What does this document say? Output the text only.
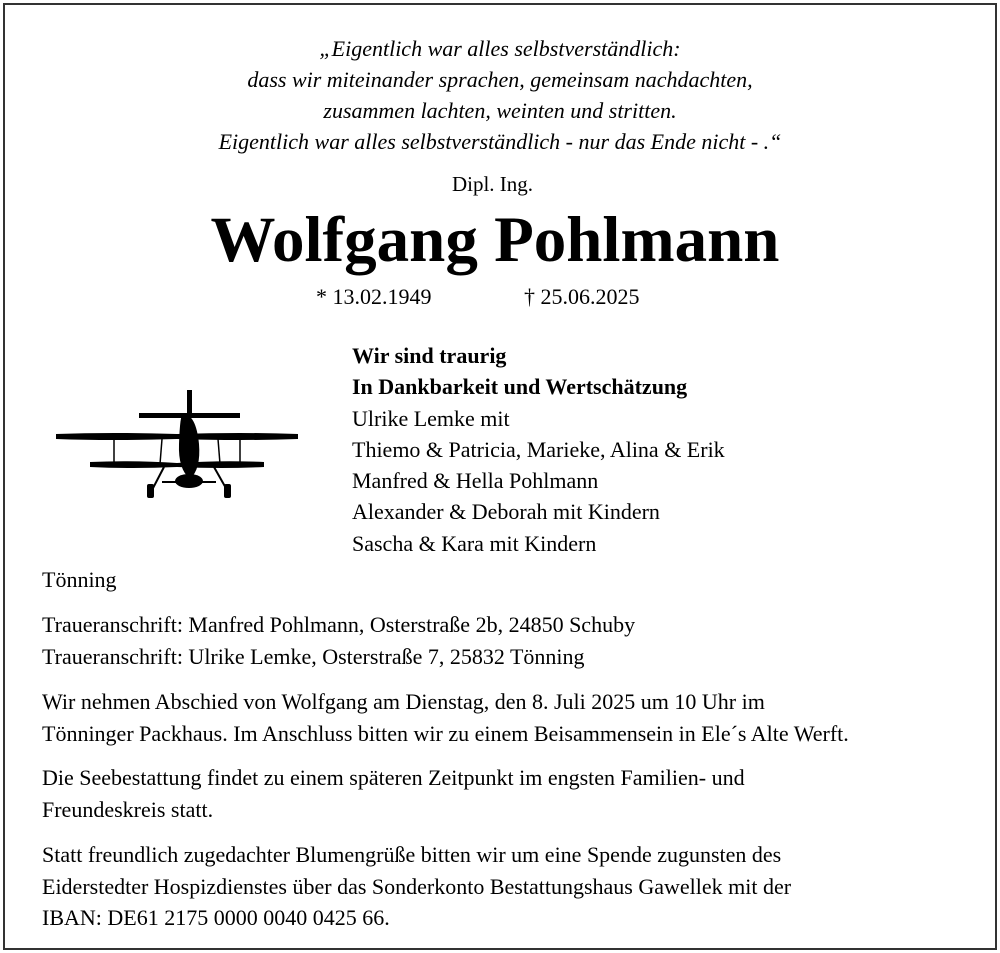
„Eigentlich war alles selbstverständlich:
dass wir miteinander sprachen, gemeinsam nachdachten,
zusammen lachten, weinten und stritten.
Eigentlich war alles selbstverständlich - nur das Ende nicht - .“
Dipl. Ing.
Wolfgang Pohlmann
* 13.02.1949	† 25.06.2025
Wir sind traurig
In Dankbarkeit und Wertschätzung
Ulrike Lemke mit
Thiemo & Patricia, Marieke, Alina & Erik
Manfred & Hella Pohlmann
Alexander & Deborah mit Kindern
Sascha & Kara mit Kindern
Tönning
Traueranschrift: Manfred Pohlmann, Osterstraße 2b, 24850 Schuby
Traueranschrift: Ulrike Lemke, Osterstraße 7, 25832 Tönning
Wir nehmen Abschied von Wolfgang am Dienstag, den 8. Juli 2025 um 10 Uhr im
Tönninger Packhaus. Im Anschluss bitten wir zu einem Beisammensein in Ele´s Alte Werft.
Die Seebestattung findet zu einem späteren Zeitpunkt im engsten Familien- und
Freundeskreis statt.
Statt freundlich zugedachter Blumengrüße bitten wir um eine Spende zugunsten des
Eiderstedter Hospizdienstes über das Sonderkonto Bestattungshaus Gawellek mit der
IBAN: DE61 2175 0000 0040 0425 66.
